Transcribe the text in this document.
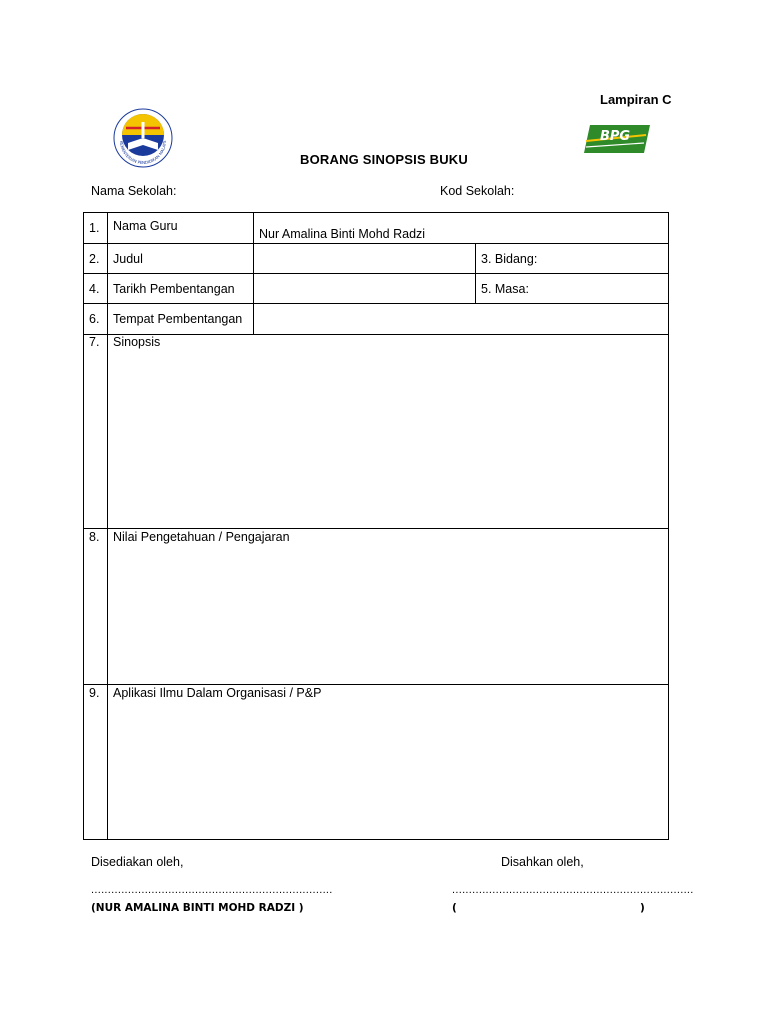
Lampiran C
KEMENTERIAN PENDIDIKAN MALAYS	BPG
BORANG SINOPSIS BUKU
Nama Sekolah:	Kod Sekolah:
1.	Nama Guru	Nur Amalina Binti Mohd Radzi	
2.	Judul		3. Bidang:
4.	Tarikh Pembentangan		5. Masa:
6.	Tempat Pembentangan		
7.	Sinopsis		
8.	Nilai Pengetahuan / Pengajaran		
9.	Aplikasi Ilmu Dalam Organisasi / P&P		
Disediakan oleh,	Disahkan oleh,
........................................................................	........................................................................
(NUR AMALINA BINTI MOHD RADZI )	(	)
